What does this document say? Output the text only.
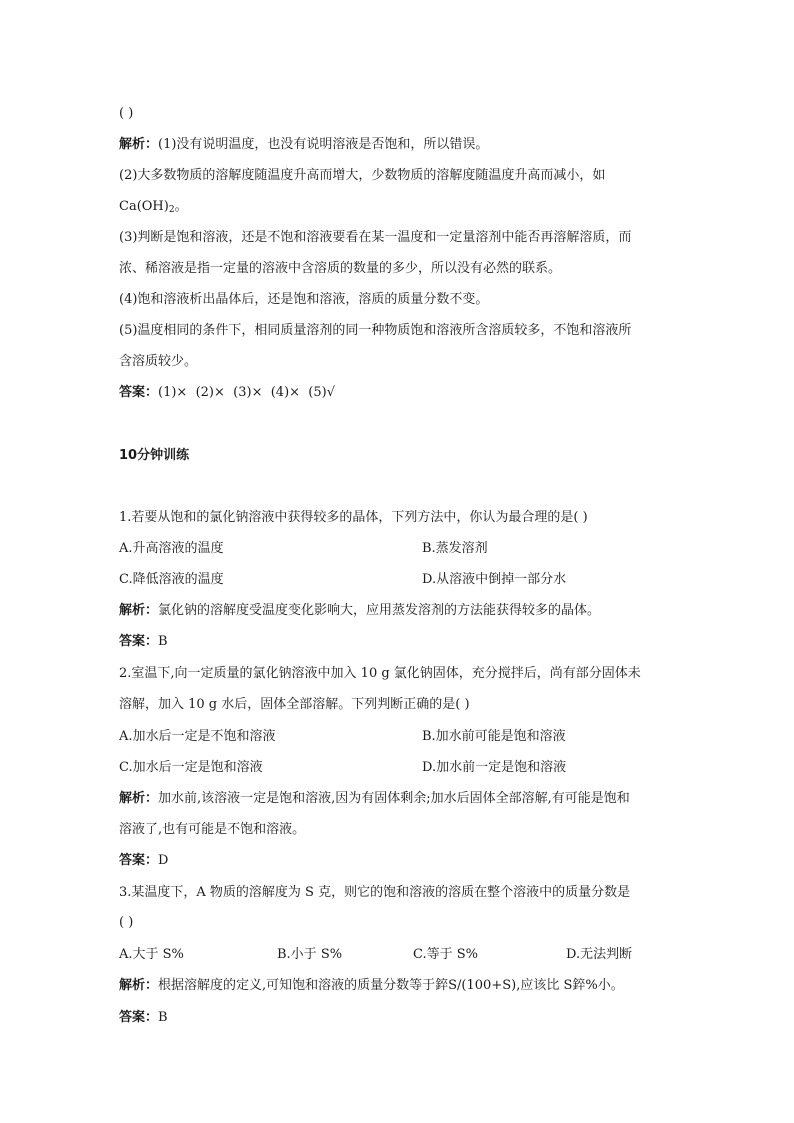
( )
解析：(1)没有说明温度，也没有说明溶液是否饱和，所以错误。
(2)大多数物质的溶解度随温度升高而增大，少数物质的溶解度随温度升高而减小，如
$Ca(OH)_2$。
(3)判断是饱和溶液，还是不饱和溶液要看在某一温度和一定量溶剂中能否再溶解溶质，而
浓、稀溶液是指一定量的溶液中含溶质的数量的多少，所以没有必然的联系。
(4)饱和溶液析出晶体后，还是饱和溶液，溶质的质量分数不变。
(5)温度相同的条件下，相同质量溶剂的同一种物质饱和溶液所含溶质较多，不饱和溶液所
含溶质较少。
答案：(1)×  (2)×  (3)×  (4)×  (5)√
10分钟训练
1.若要从饱和的氯化钠溶液中获得较多的晶体，下列方法中，你认为最合理的是( )
A.升高溶液的温度	B.蒸发溶剂
C.降低溶液的温度	D.从溶液中倒掉一部分水
解析：氯化钠的溶解度受温度变化影响大，应用蒸发溶剂的方法能获得较多的晶体。
答案：B
2.室温下,向一定质量的氯化钠溶液中加入 10 g 氯化钠固体，充分搅拌后，尚有部分固体未
溶解，加入 10 g 水后，固体全部溶解。下列判断正确的是( )
A.加水后一定是不饱和溶液	B.加水前可能是饱和溶液
C.加水后一定是饱和溶液	D.加水前一定是饱和溶液
解析：加水前,该溶液一定是饱和溶液,因为有固体剩余;加水后固体全部溶解,有可能是饱和
溶液了,也有可能是不饱和溶液。
答案：D
3.某温度下，A 物质的溶解度为 S 克，则它的饱和溶液的溶质在整个溶液中的质量分数是
( )
A.大于 S%	B.小于 S%	C.等于 S%	D.无法判断
解析：根据溶解度的定义,可知饱和溶液的质量分数等于錊S/(100+S),应该比 S錊%小。
答案：B
